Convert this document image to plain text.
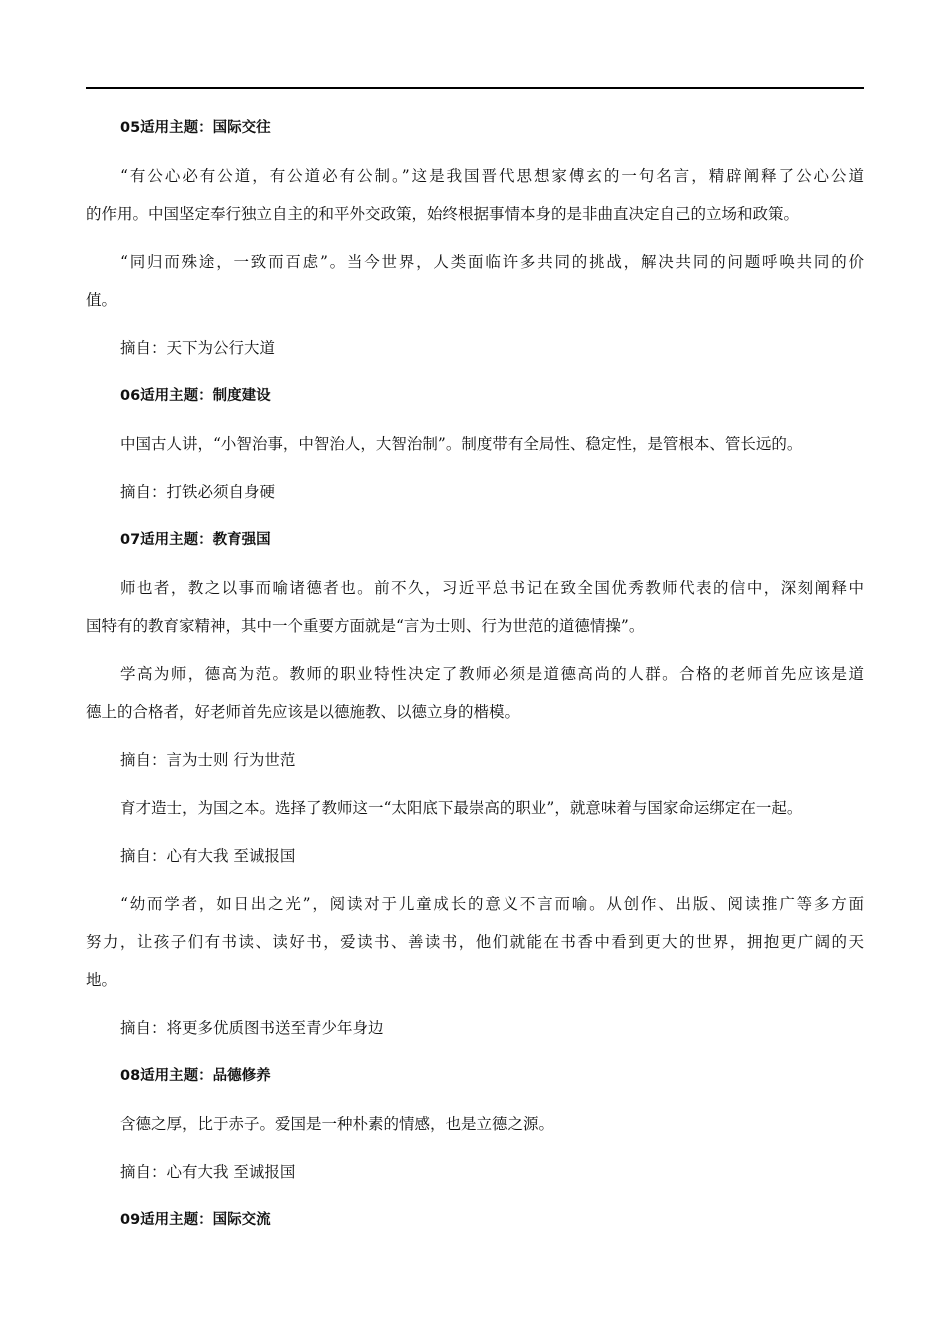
05适用主题：国际交往
“有公心必有公道，有公道必有公制。”这是我国晋代思想家傅玄的一句名言，精辟阐释了公心公道
的作用。中国坚定奉行独立自主的和平外交政策，始终根据事情本身的是非曲直决定自己的立场和政策。
“同归而殊途，一致而百虑”。当今世界，人类面临许多共同的挑战，解决共同的问题呼唤共同的价
值。
摘自：天下为公行大道
06适用主题：制度建设
中国古人讲，“小智治事，中智治人，大智治制”。制度带有全局性、稳定性，是管根本、管长远的。
摘自：打铁必须自身硬
07适用主题：教育强国
师也者，教之以事而喻诸德者也。前不久，习近平总书记在致全国优秀教师代表的信中，深刻阐释中
国特有的教育家精神，其中一个重要方面就是“言为士则、行为世范的道德情操”。
学高为师，德高为范。教师的职业特性决定了教师必须是道德高尚的人群。合格的老师首先应该是道
德上的合格者，好老师首先应该是以德施教、以德立身的楷模。
摘自：言为士则 行为世范
育才造士，为国之本。选择了教师这一“太阳底下最崇高的职业”，就意味着与国家命运绑定在一起。
摘自：心有大我 至诚报国
“幼而学者，如日出之光”，阅读对于儿童成长的意义不言而喻。从创作、出版、阅读推广等多方面
努力，让孩子们有书读、读好书，爱读书、善读书，他们就能在书香中看到更大的世界，拥抱更广阔的天
地。
摘自：将更多优质图书送至青少年身边
08适用主题：品德修养
含德之厚，比于赤子。爱国是一种朴素的情感，也是立德之源。
摘自：心有大我 至诚报国
09适用主题：国际交流
